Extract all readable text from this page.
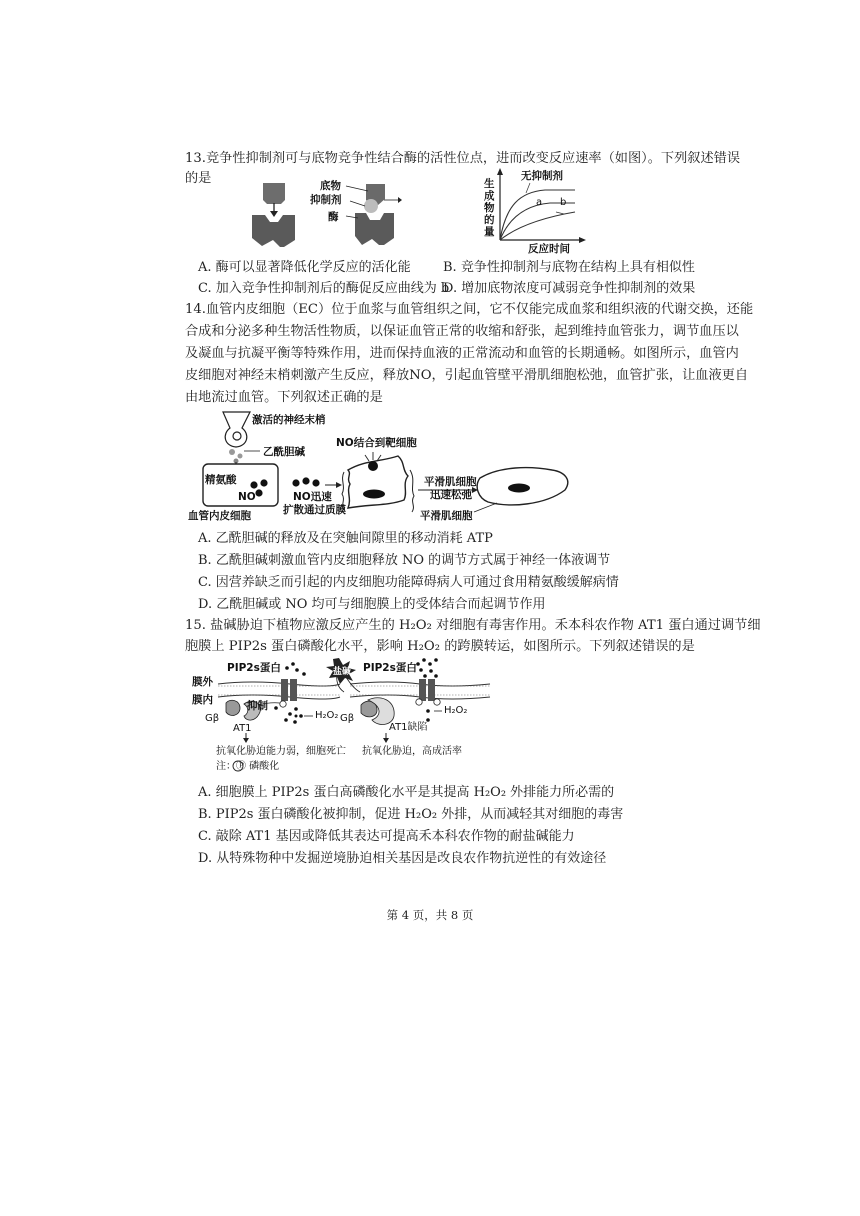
13.竞争性抑制剂可与底物竞争性结合酶的活性位点，进而改变反应速率（如图）。下列叙述错误
的是	底物
抑制剂
酶
生成物的量
反应时间
无抑制剂
a b
A. 酶可以显著降低化学反应的活化能 B. 竞争性抑制剂与底物在结构上具有相似性
C. 加入竞争性抑制剂后的酶促反应曲线为 b
D. 增加底物浓度可减弱竞争性抑制剂的效果
14.血管内皮细胞（EC）位于血浆与血管组织之间，它不仅能完成血浆和组织液的代谢交换，还能
合成和分泌多种生物活性物质，以保证血管正常的收缩和舒张，起到维持血管张力，调节血压以
及凝血与抗凝平衡等特殊作用，进而保持血液的正常流动和血管的长期通畅。如图所示，血管内
皮细胞对神经末梢刺激产生反应，释放NO，引起血管壁平滑肌细胞松弛，血管扩张，让血液更自
由地流过血管。下列叙述正确的是
激活的神经末梢
乙酰胆碱
NO结合到靶细胞
精氨酸
NO	NO迅速
扩散通过质膜
血管内皮细胞
平滑肌细胞
迅速松弛
平滑肌细胞
A. 乙酰胆碱的释放及在突触间隙里的移动消耗 ATP
B. 乙酰胆碱刺激血管内皮细胞释放 NO 的调节方式属于神经一体液调节
C. 因营养缺乏而引起的内皮细胞功能障碍病人可通过食用精氨酸缓解病情
D. 乙酰胆碱或 NO 均可与细胞膜上的受体结合而起调节作用
15. 盐碱胁迫下植物应激反应产生的 H₂O₂ 对细胞有毒害作用。禾本科农作物 AT1 蛋白通过调节细
胞膜上 PIP2s 蛋白磷酸化水平，影响 H₂O₂ 的跨膜转运，如图所示。下列叙述错误的是
膜外
膜内
PIP2s蛋白	PIP2s蛋白
盐碱
抑制
H₂O₂	H₂O₂
Gβ	Gβ
AT1	AT1缺陷
抗氧化胁迫能力弱，细胞死亡 抗氧化胁迫，高成活率
注：Ⓟ 磷酸化
A. 细胞膜上 PIP2s 蛋白高磷酸化水平是其提高 H₂O₂ 外排能力所必需的
B. PIP2s 蛋白磷酸化被抑制，促进 H₂O₂ 外排，从而减轻其对细胞的毒害
C. 敲除 AT1 基因或降低其表达可提高禾本科农作物的耐盐碱能力
D. 从特殊物种中发掘逆境胁迫相关基因是改良农作物抗逆性的有效途径
第 4 页，共 8 页
